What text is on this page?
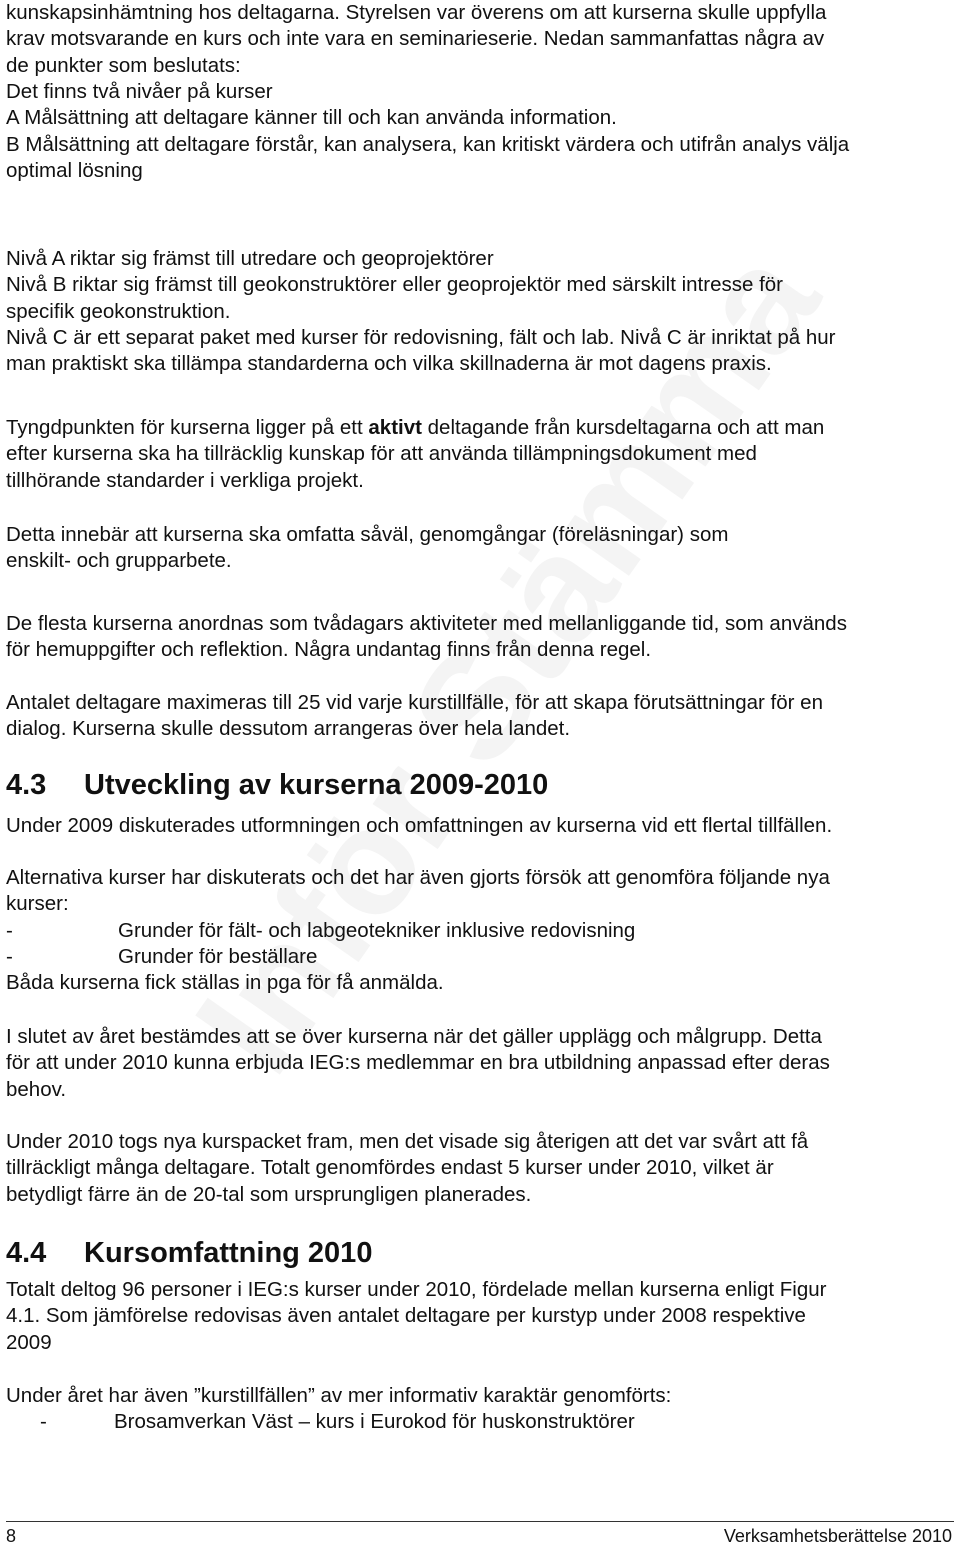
kunskapsinhämtning hos deltagarna. Styrelsen var överens om att kurserna skulle uppfylla

krav motsvarande en kurs och inte vara en seminarieserie. Nedan sammanfattas några av

de punkter som beslutats:

Det finns två nivåer på kurser

A Målsättning att deltagare känner till och kan använda information.

B Målsättning att deltagare förstår, kan analysera, kan kritiskt värdera och utifrån analys välja

optimal lösning

Nivå A riktar sig främst till utredare och geoprojektörer

Nivå B riktar sig främst till geokonstruktörer eller geoprojektör med särskilt intresse för

specifik geokonstruktion.

Nivå C är ett separat paket med kurser för redovisning, fält och lab. Nivå C är inriktat på hur

man praktiskt ska tillämpa standarderna och vilka skillnaderna är mot dagens praxis.

Tyngdpunkten för kurserna ligger på ett aktivt deltagande från kursdeltagarna och att man

efter kurserna ska ha tillräcklig kunskap för att använda tillämpningsdokument med

tillhörande standarder i verkliga projekt.

Detta innebär att kurserna ska omfatta såväl, genomgångar (föreläsningar) som

enskilt- och grupparbete.

De flesta kurserna anordnas som tvådagars aktiviteter med mellanliggande tid, som används

för hemuppgifter och reflektion. Några undantag finns från denna regel.

Antalet deltagare maximeras till 25 vid varje kurstillfälle, för att skapa förutsättningar för en

dialog. Kurserna skulle dessutom arrangeras över hela landet.

4.3 Utveckling av kurserna 2009-2010

Under 2009 diskuterades utformningen och omfattningen av kurserna vid ett flertal tillfällen.

Alternativa kurser har diskuterats och det har även gjorts försök att genomföra följande nya

kurser:

-	Grunder för fält- och labgeotekniker inklusive redovisning

-	Grunder för beställare

Båda kurserna fick ställas in pga för få anmälda.

I slutet av året bestämdes att se över kurserna när det gäller upplägg och målgrupp. Detta

för att under 2010 kunna erbjuda IEG:s medlemmar en bra utbildning anpassad efter deras

behov.

Under 2010 togs nya kurspacket fram, men det visade sig återigen att det var svårt att få

tillräckligt många deltagare. Totalt genomfördes endast 5 kurser under 2010, vilket är

betydligt färre än de 20-tal som ursprungligen planerades.

4.4 Kursomfattning 2010

Totalt deltog 96 personer i IEG:s kurser under 2010, fördelade mellan kurserna enligt Figur

4.1. Som jämförelse redovisas även antalet deltagare per kurstyp under 2008 respektive

2009

Under året har även ”kurstillfällen” av mer informativ karaktär genomförts:

-	Brosamverkan Väst – kurs i Eurokod för huskonstruktörer

8	Verksamhetsberättelse 2010
